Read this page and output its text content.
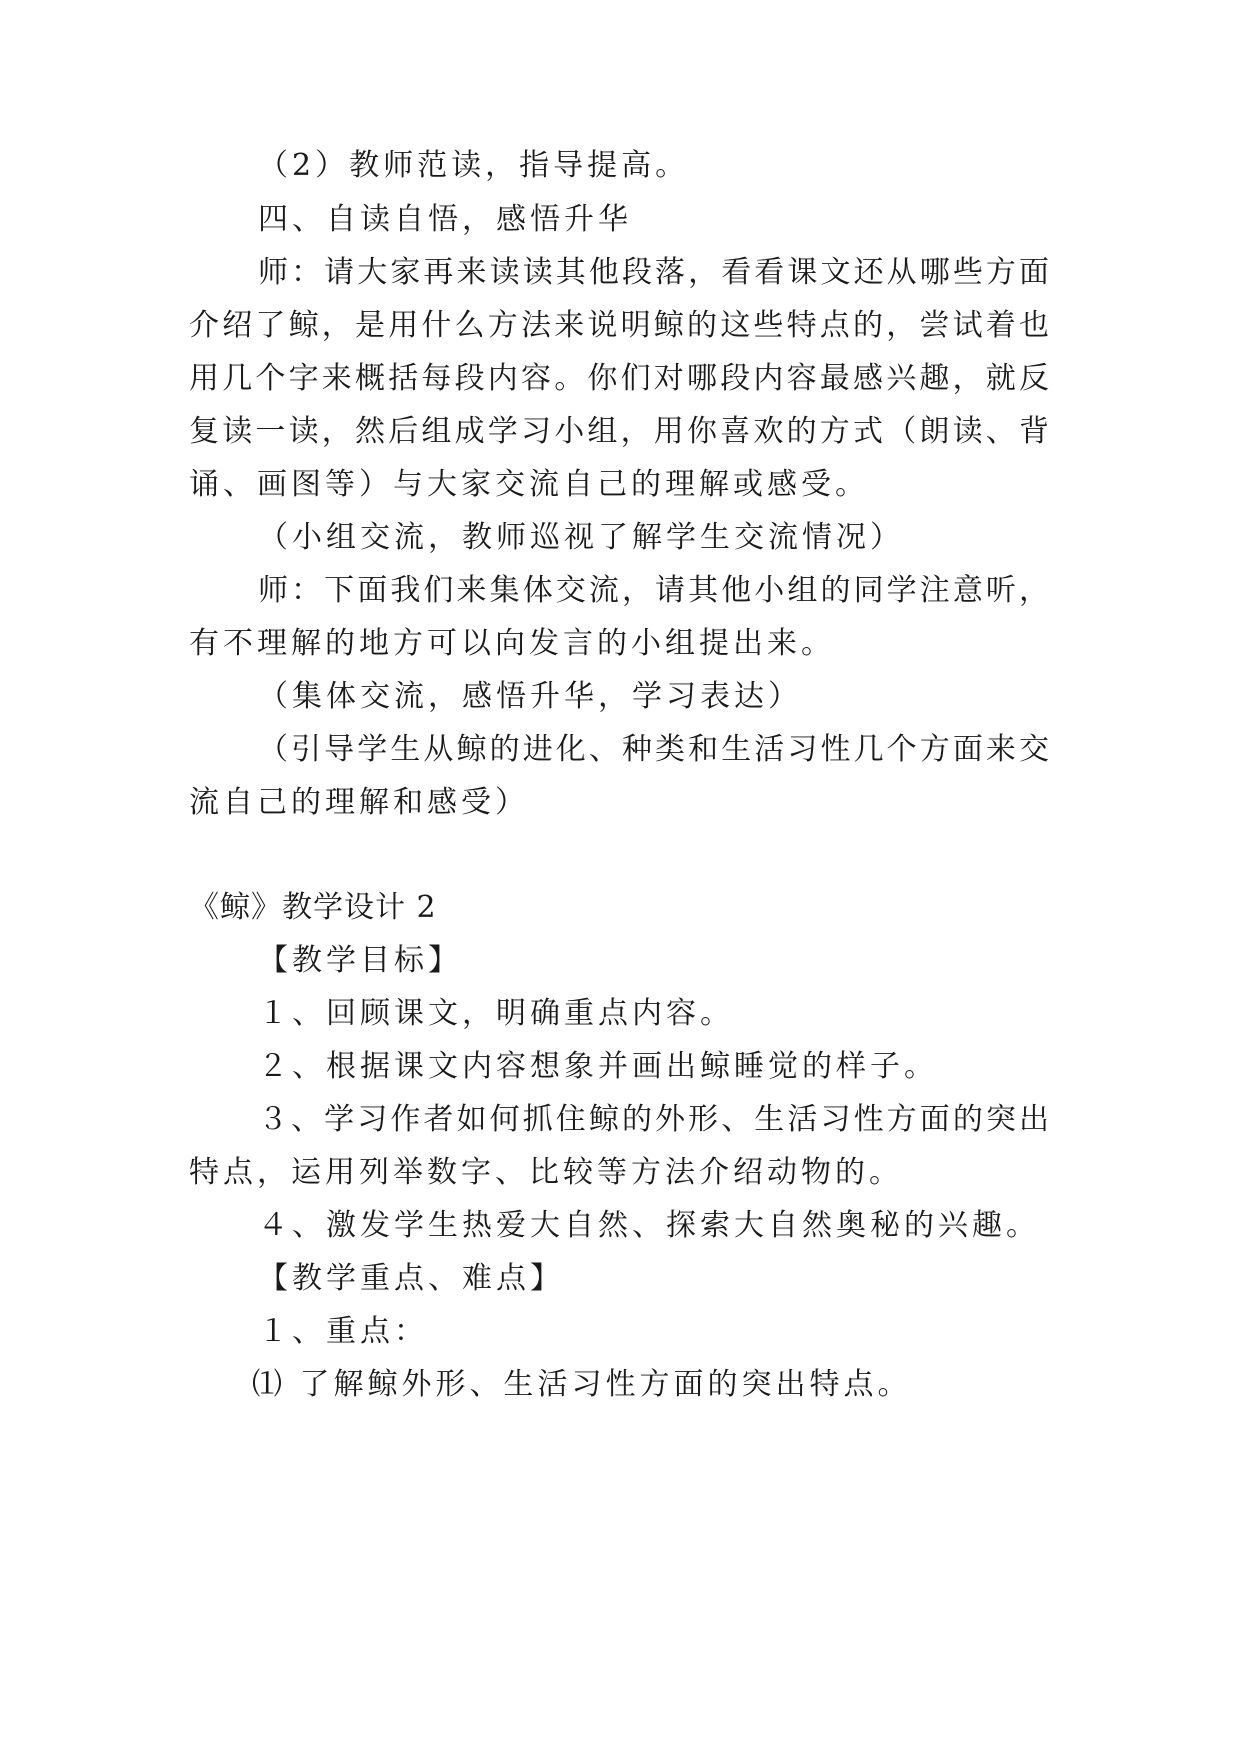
（2）教师范读，指导提高。
四、自读自悟，感悟升华
师：请大家再来读读其他段落，看看课文还从哪些方面
介绍了鲸，是用什么方法来说明鲸的这些特点的，尝试着也
用几个字来概括每段内容。你们对哪段内容最感兴趣，就反
复读一读，然后组成学习小组，用你喜欢的方式（朗读、背
诵、画图等）与大家交流自己的理解或感受。
（小组交流，教师巡视了解学生交流情况）
师：下面我们来集体交流，请其他小组的同学注意听，
有不理解的地方可以向发言的小组提出来。
（集体交流，感悟升华，学习表达）
（引导学生从鲸的进化、种类和生活习性几个方面来交
流自己的理解和感受）
《鲸》教学设计 2
【教学目标】
１、回顾课文，明确重点内容。
２、根据课文内容想象并画出鲸睡觉的样子。
３、学习作者如何抓住鲸的外形、生活习性方面的突出
特点，运用列举数字、比较等方法介绍动物的。
４、激发学生热爱大自然、探索大自然奥秘的兴趣。
【教学重点、难点】
１、重点：
⑴ 了解鲸外形、生活习性方面的突出特点。
